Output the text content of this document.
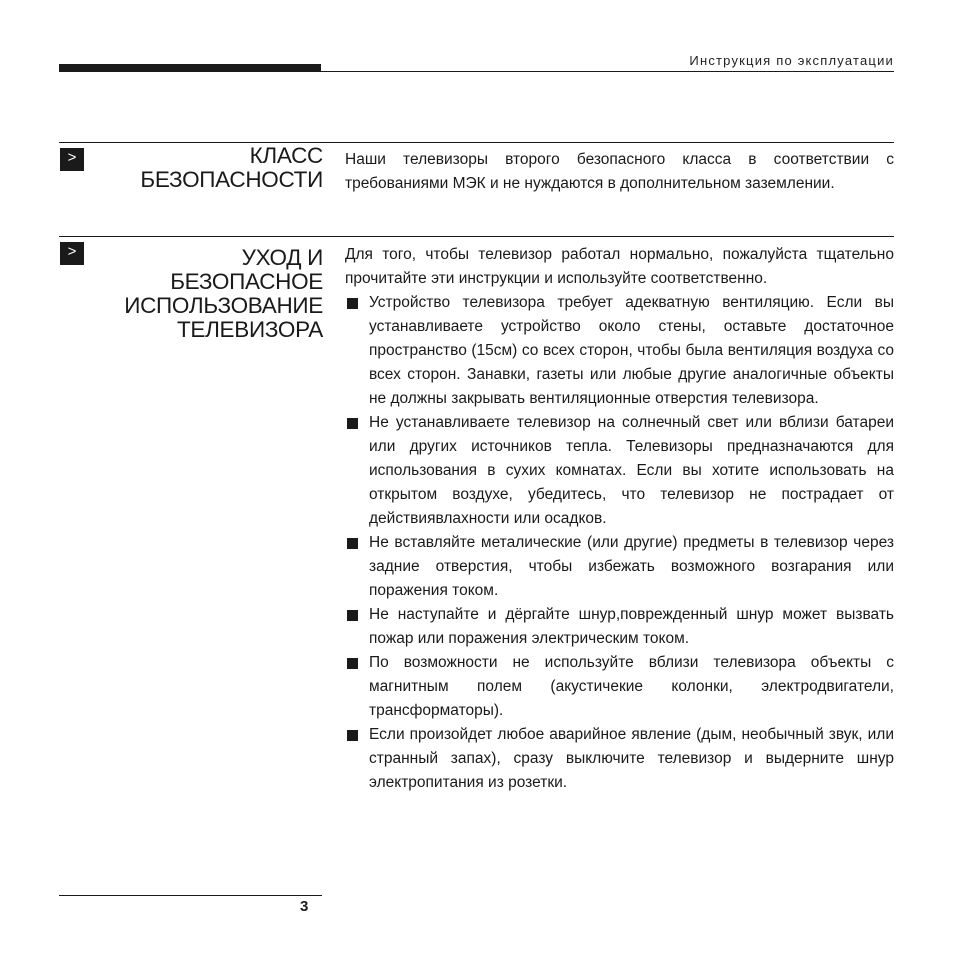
Инструкция по эксплуатации
>	КЛАСС
БЕЗОПАСНОСТИ

Наши телевизоры второго безопасного класса в соответствии с требованиями МЭК и не нуждаются в дополнительном заземлении.

>	УХОД И
БЕЗОПАСНОЕ
ИСПОЛЬЗОВАНИЕ
ТЕЛЕВИЗОРА

Для того, чтобы телевизор работал нормально, пожалуйста тщательно прочитайте эти инструкции и используйте соответственно.

Устройство телевизора требует адекватную вентиляцию. Если вы устанавливаете устройство около стены, оставьте достаточное пространство (15см) со всех сторон, чтобы была вентиляция воздуха со всех сторон. Занавки, газеты или любые другие аналогичные объекты не должны закрывать вентиляционные отверстия телевизора.
Не устанавливаете телевизор на солнечный свет или вблизи батареи или других источников тепла. Телевизоры предназначаются для использования в сухих комнатах. Если вы хотите использовать на открытом воздухе, убедитесь, что телевизор не пострадает от действиявлахности или осадков.
Не вставляйте металические (или другие) предметы в телевизор через задние отверстия, чтобы избежать возможного возгарания или поражения током.
Не наступайте и дёргайте шнур,поврежденный шнур может вызвать пожар или поражения электрическим током.
По возможности не используйте вблизи телевизора объекты с магнитным полем (акустичекие колонки, электродвигатели, трансформаторы).
Если произойдет любое аварийное явление (дым, необычный звук, или странный запах), сразу выключите телевизор и выдерните шнур электропитания из розетки.
3
